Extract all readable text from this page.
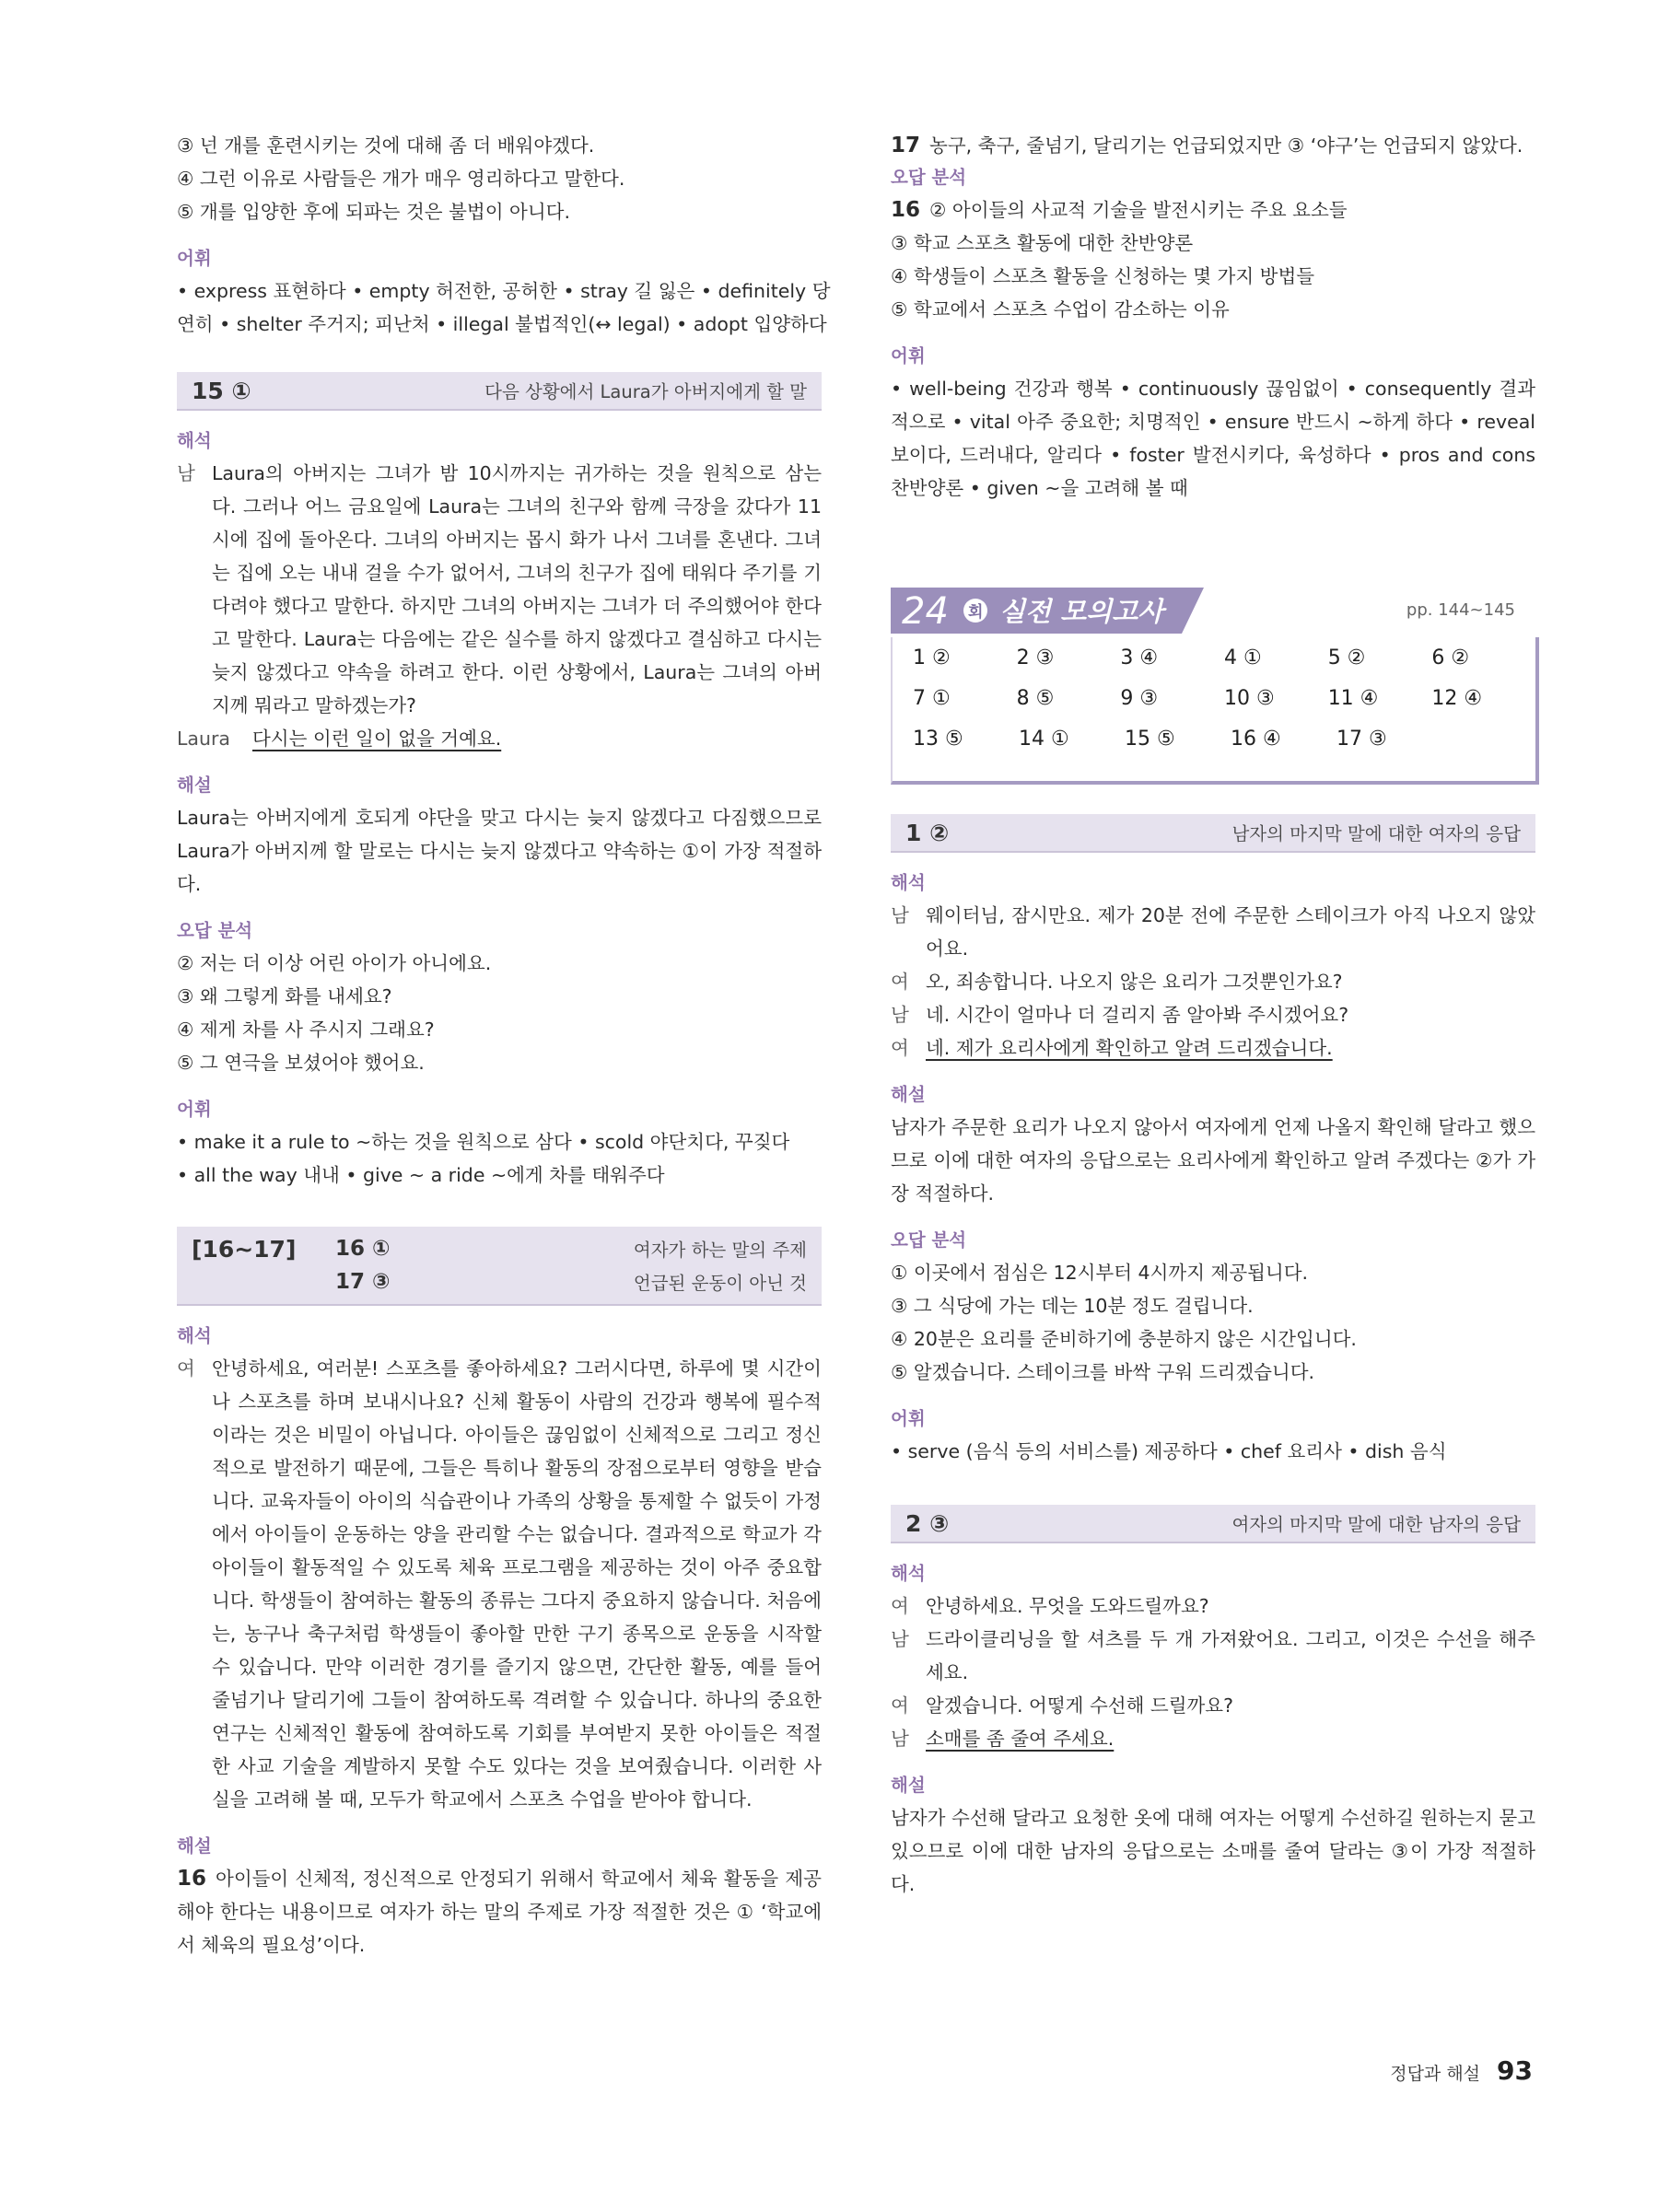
③ 넌 개를 훈련시키는 것에 대해 좀 더 배워야겠다.
④ 그런 이유로 사람들은 개가 매우 영리하다고 말한다.
⑤ 개를 입양한 후에 되파는 것은 불법이 아니다.
어휘
• express 표현하다 • empty 허전한, 공허한 • stray 길 잃은 • definitely 당
연히 • shelter 주거지; 피난처 • illegal 불법적인(↔ legal) • adopt 입양하다
15 ①	다음 상황에서 Laura가 아버지에게 할 말
해석
남 Laura의 아버지는 그녀가 밤 10시까지는 귀가하는 것을 원칙으로 삼는 다. 그러나 어느 금요일에 Laura는 그녀의 친구와 함께 극장을 갔다가 11시에 집에 돌아온다. 그녀의 아버지는 몹시 화가 나서 그녀를 혼낸다. 그녀는 집에 오는 내내 걸을 수가 없어서, 그녀의 친구가 집에 태워다 주기를 기다려야 했다고 말한다. 하지만 그녀의 아버지는 그녀가 더 주의했어야 한다고 말한다. Laura는 다음에는 같은 실수를 하지 않겠다고 결심하고 다시는 늦지 않겠다고 약속을 하려고 한다. 이런 상황에서, Laura는 그녀의 아버지께 뭐라고 말하겠는가?
Laura	다시는 이런 일이 없을 거예요.
해설
Laura는 아버지에게 호되게 야단을 맞고 다시는 늦지 않겠다고 다짐했으므로 Laura가 아버지께 할 말로는 다시는 늦지 않겠다고 약속하는 ①이 가장 적절하다.
오답 분석
② 저는 더 이상 어린 아이가 아니에요.
③ 왜 그렇게 화를 내세요?
④ 제게 차를 사 주시지 그래요?
⑤ 그 연극을 보셨어야 했어요.
어휘
• make it a rule to ~하는 것을 원칙으로 삼다 • scold 야단치다, 꾸짖다
• all the way 내내 • give ~ a ride ~에게 차를 태워주다
[16~17]	16 ①	여자가 하는 말의 주제
17 ③	언급된 운동이 아닌 것
해석
여 안녕하세요, 여러분! 스포츠를 좋아하세요? 그러시다면, 하루에 몇 시간이나 스포츠를 하며 보내시나요? 신체 활동이 사람의 건강과 행복에 필수적이라는 것은 비밀이 아닙니다. 아이들은 끊임없이 신체적으로 그리고 정신적으로 발전하기 때문에, 그들은 특히나 활동의 장점으로부터 영향을 받습니다. 교육자들이 아이의 식습관이나 가족의 상황을 통제할 수 없듯이 가정에서 아이들이 운동하는 양을 관리할 수는 없습니다. 결과적으로 학교가 각 아이들이 활동적일 수 있도록 체육 프로그램을 제공하는 것이 아주 중요합니다. 학생들이 참여하는 활동의 종류는 그다지 중요하지 않습니다. 처음에는, 농구나 축구처럼 학생들이 좋아할 만한 구기 종목으로 운동을 시작할 수 있습니다. 만약 이러한 경기를 즐기지 않으면, 간단한 활동, 예를 들어 줄넘기나 달리기에 그들이 참여하도록 격려할 수 있습니다. 하나의 중요한 연구는 신체적인 활동에 참여하도록 기회를 부여받지 못한 아이들은 적절한 사교 기술을 계발하지 못할 수도 있다는 것을 보여줬습니다. 이러한 사실을 고려해 볼 때, 모두가 학교에서 스포츠 수업을 받아야 합니다.
해설
16 아이들이 신체적, 정신적으로 안정되기 위해서 학교에서 체육 활동을 제공해야 한다는 내용이므로 여자가 하는 말의 주제로 가장 적절한 것은 ① ‘학교에서 체육의 필요성’이다.
17 농구, 축구, 줄넘기, 달리기는 언급되었지만 ③ ‘야구’는 언급되지 않았다.
오답 분석
16 ② 아이들의 사교적 기술을 발전시키는 주요 요소들
③ 학교 스포츠 활동에 대한 찬반양론
④ 학생들이 스포츠 활동을 신청하는 몇 가지 방법들
⑤ 학교에서 스포츠 수업이 감소하는 이유
어휘
• well-being 건강과 행복 • continuously 끊임없이 • consequently 결과적으로 • vital 아주 중요한; 치명적인 • ensure 반드시 ~하게 하다 • reveal 보이다, 드러내다, 알리다 • foster 발전시키다, 육성하다 • pros and cons 찬반양론 • given ~을 고려해 볼 때
24 회 실전 모의고사	pp. 144~145
1 ②	2 ③	3 ④	4 ①	5 ②	6 ②
7 ①	8 ⑤	9 ③	10 ③	11 ④	12 ④
13 ⑤	14 ①	15 ⑤	16 ④	17 ③
1 ②	남자의 마지막 말에 대한 여자의 응답
해석
남 웨이터님, 잠시만요. 제가 20분 전에 주문한 스테이크가 아직 나오지 않았어요.
여 오, 죄송합니다. 나오지 않은 요리가 그것뿐인가요?
남 네. 시간이 얼마나 더 걸리지 좀 알아봐 주시겠어요?
여 네. 제가 요리사에게 확인하고 알려 드리겠습니다.
해설
남자가 주문한 요리가 나오지 않아서 여자에게 언제 나올지 확인해 달라고 했으므로 이에 대한 여자의 응답으로는 요리사에게 확인하고 알려 주겠다는 ②가 가장 적절하다.
오답 분석
① 이곳에서 점심은 12시부터 4시까지 제공됩니다.
③ 그 식당에 가는 데는 10분 정도 걸립니다.
④ 20분은 요리를 준비하기에 충분하지 않은 시간입니다.
⑤ 알겠습니다. 스테이크를 바싹 구워 드리겠습니다.
어휘
• serve (음식 등의 서비스를) 제공하다 • chef 요리사 • dish 음식
2 ③	여자의 마지막 말에 대한 남자의 응답
해석
여 안녕하세요. 무엇을 도와드릴까요?
남 드라이클리닝을 할 셔츠를 두 개 가져왔어요. 그리고, 이것은 수선을 해주세요.
여 알겠습니다. 어떻게 수선해 드릴까요?
남 소매를 좀 줄여 주세요.
해설
남자가 수선해 달라고 요청한 옷에 대해 여자는 어떻게 수선하길 원하는지 묻고 있으므로 이에 대한 남자의 응답으로는 소매를 줄여 달라는 ③이 가장 적절하다.
정답과 해설 93
